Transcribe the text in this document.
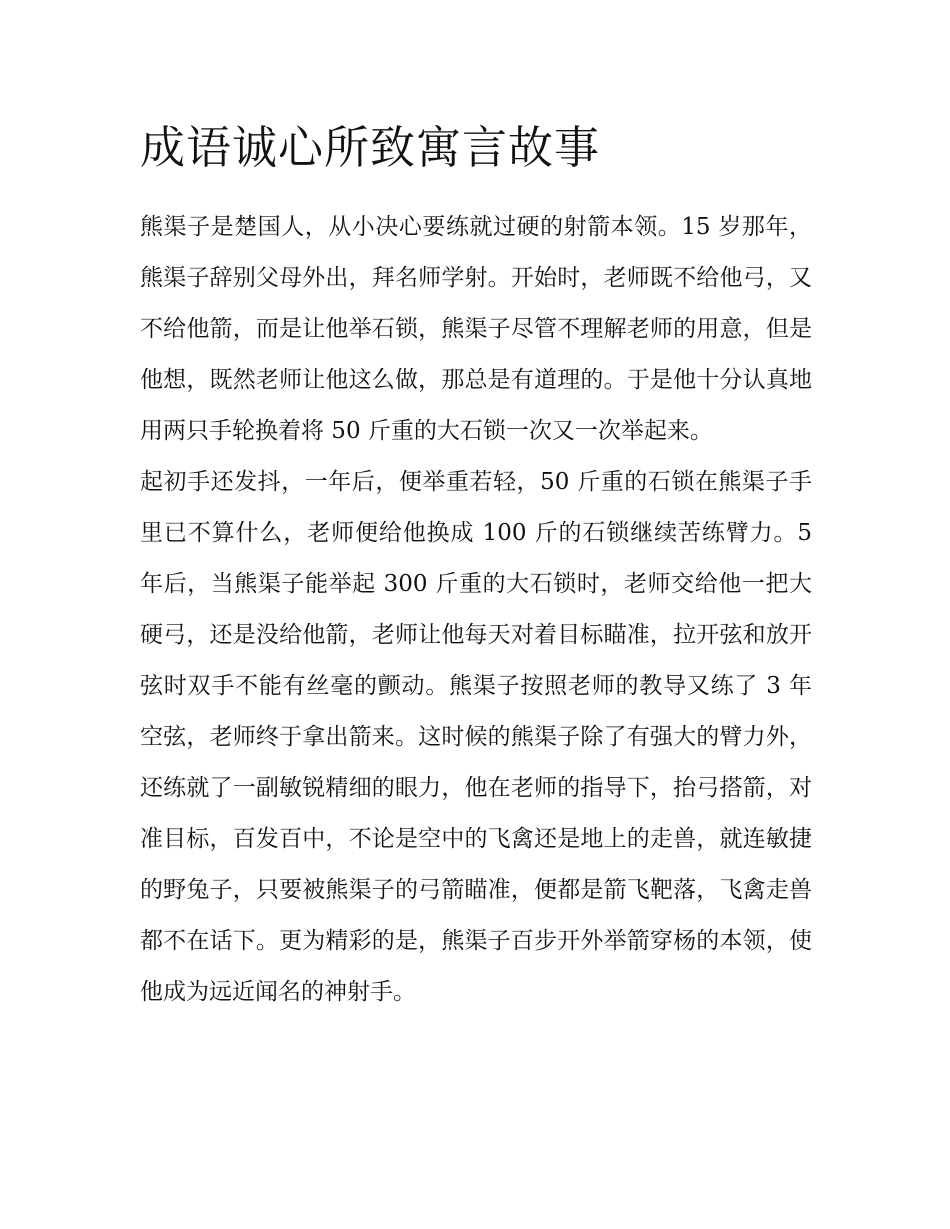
成语诚心所致寓言故事

熊渠子是楚国人，从小决心要练就过硬的射箭本领。15 岁那年，熊渠子辞别父母外出，拜名师学射。开始时，老师既不给他弓，又不给他箭，而是让他举石锁，熊渠子尽管不理解老师的用意，但是他想，既然老师让他这么做，那总是有道理的。于是他十分认真地用两只手轮换着将 50 斤重的大石锁一次又一次举起来。

起初手还发抖，一年后，便举重若轻，50 斤重的石锁在熊渠子手里已不算什么，老师便给他换成 100 斤的石锁继续苦练臂力。5 年后，当熊渠子能举起 300 斤重的大石锁时，老师交给他一把大硬弓，还是没给他箭，老师让他每天对着目标瞄准，拉开弦和放开弦时双手不能有丝毫的颤动。熊渠子按照老师的教导又练了 3 年空弦，老师终于拿出箭来。这时候的熊渠子除了有强大的臂力外，还练就了一副敏锐精细的眼力，他在老师的指导下，抬弓搭箭，对准目标，百发百中，不论是空中的飞禽还是地上的走兽，就连敏捷的野兔子，只要被熊渠子的弓箭瞄准，便都是箭飞靶落，飞禽走兽都不在话下。更为精彩的是，熊渠子百步开外举箭穿杨的本领，使他成为远近闻名的神射手。
